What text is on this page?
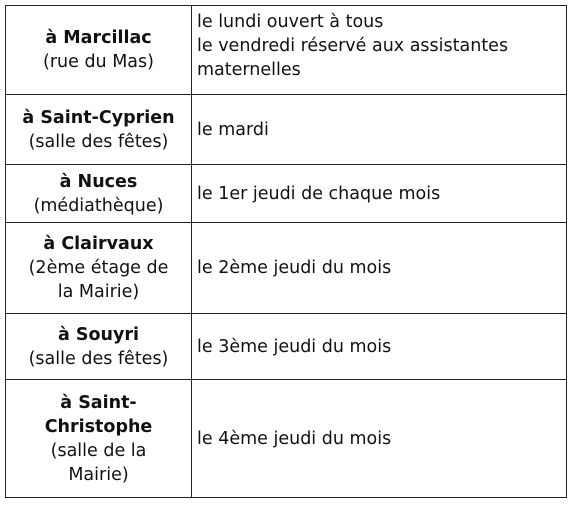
à Marcillac
(rue du Mas)	le lundi ouvert à tous
le vendredi réservé aux assistantes
maternelles

à Saint-Cyprien
(salle des fêtes)	le mardi

à Nuces
(médiathèque)	le 1er jeudi de chaque mois

à Clairvaux
(2ème étage de
la Mairie)	le 2ème jeudi du mois

à Souyri
(salle des fêtes)	le 3ème jeudi du mois

à Saint-
Christophe
(salle de la
Mairie)	le 4ème jeudi du mois
